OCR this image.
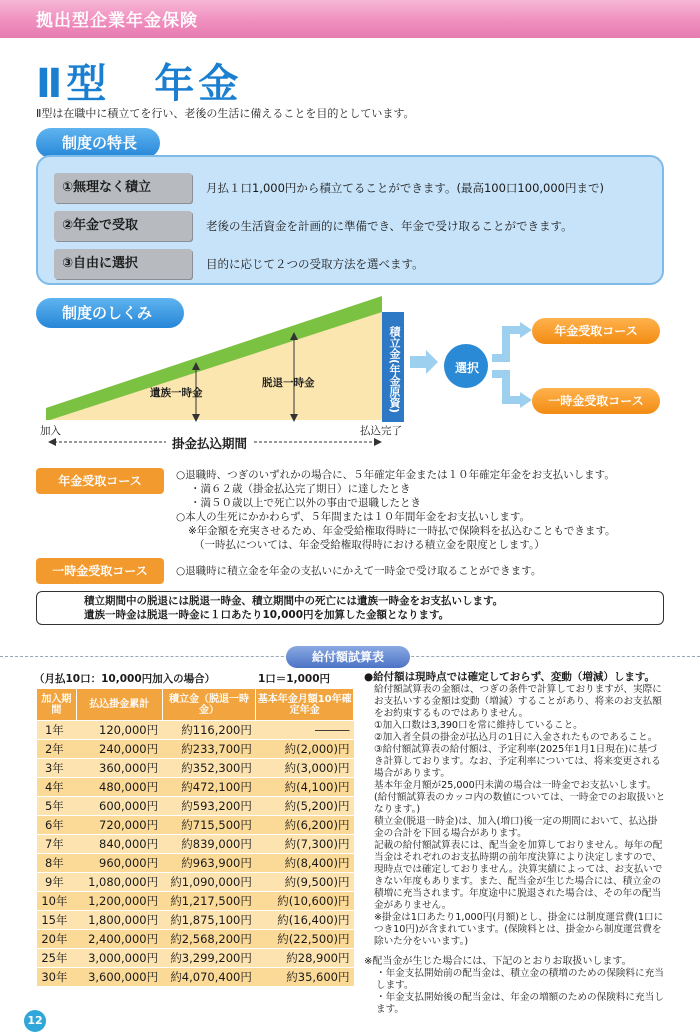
拠出型企業年金保険
Ⅱ型　年金
Ⅱ型は在職中に積立てを行い、老後の生活に備えることを目的としています。
制度の特長
①無理なく積立	月払１口1,000円から積立てることができます。(最高100口100,000円まで)
②年金で受取	老後の生活資金を計画的に準備でき、年金で受け取ることができます。
③自由に選択	目的に応じて２つの受取方法を選べます。
制度のしくみ
遺族一時金
脱退一時金	積立金(年金原資)
加入	払込完了
掛金払込期間
選択
年金受取コース
一時金受取コース
年金受取コース	○退職時、つぎのいずれかの場合に、５年確定年金または１０年確定年金をお支払いします。
・満６２歳（掛金払込完了期日）に達したとき
・満５０歳以上で死亡以外の事由で退職したとき
○本人の生死にかかわらず、５年間または１０年間年金をお支払いします。
※年金額を充実させるため、年金受給権取得時に一時払で保険料を払込むこともできます。
（一時払については、年金受給権取得時における積立金を限度とします。）
一時金受取コース	○退職時に積立金を年金の支払いにかえて一時金で受け取ることができます。
積立期間中の脱退には脱退一時金、積立期間中の死亡には遺族一時金をお支払いします。
遺族一時金は脱退一時金に１口あたり10,000円を加算した金額となります。
給付額試算表
（月払10口：10,000円加入の場合）	1口＝1,000円
加入期間	払込掛金累計	積立金（脱退一時金）	基本年金月額10年確定年金
1年	120,000円	約116,200円	―――
2年	240,000円	約233,700円	約(2,000)円
3年	360,000円	約352,300円	約(3,000)円
4年	480,000円	約472,100円	約(4,100)円
5年	600,000円	約593,200円	約(5,200)円
6年	720,000円	約715,500円	約(6,200)円
7年	840,000円	約839,000円	約(7,300)円
8年	960,000円	約963,900円	約(8,400)円
9年	1,080,000円	約1,090,000円	約(9,500)円
10年	1,200,000円	約1,217,500円	約(10,600)円
15年	1,800,000円	約1,875,100円	約(16,400)円
20年	2,400,000円	約2,568,200円	約(22,500)円
25年	3,000,000円	約3,299,200円	約28,900円
30年	3,600,000円	約4,070,400円	約35,600円
●給付額は現時点では確定しておらず、変動（増減）します。
給付額試算表の金額は、つぎの条件で計算しておりますが、実際にお支払いする金額は変動（増減）することがあり、将来のお支払額をお約束するものではありません。
①加入口数は3,390口を常に維持していること。
②加入者全員の掛金が払込月の1日に入金されたものであること。
③給付額試算表の給付額は、予定利率(2025年1月1日現在)に基づき計算しております。なお、予定利率については、将来変更される場合があります。
基本年金月額が25,000円未満の場合は一時金でお支払いします。(給付額試算表のカッコ内の数値については、一時金でのお取扱いとなります。)
積立金(脱退一時金)は、加入(増口)後一定の期間において、払込掛金の合計を下回る場合があります。
記載の給付額試算表には、配当金を加算しておりません。毎年の配当金はそれぞれのお支払時期の前年度決算により決定しますので、現時点では確定しておりません。決算実績によっては、お支払いできない年度もあります。また、配当金が生じた場合には、積立金の積増に充当されます。年度途中に脱退された場合は、その年の配当金がありません。
※掛金は1口あたり1,000円(月額)とし、掛金には制度運営費(1口につき10円)が含まれています。(保険料とは、掛金から制度運営費を除いた分をいいます。)
※配当金が生じた場合には、下記のとおりお取扱いします。
・年金支払開始前の配当金は、積立金の積増のための保険料に充当します。
・年金支払開始後の配当金は、年金の増額のための保険料に充当します。
12
